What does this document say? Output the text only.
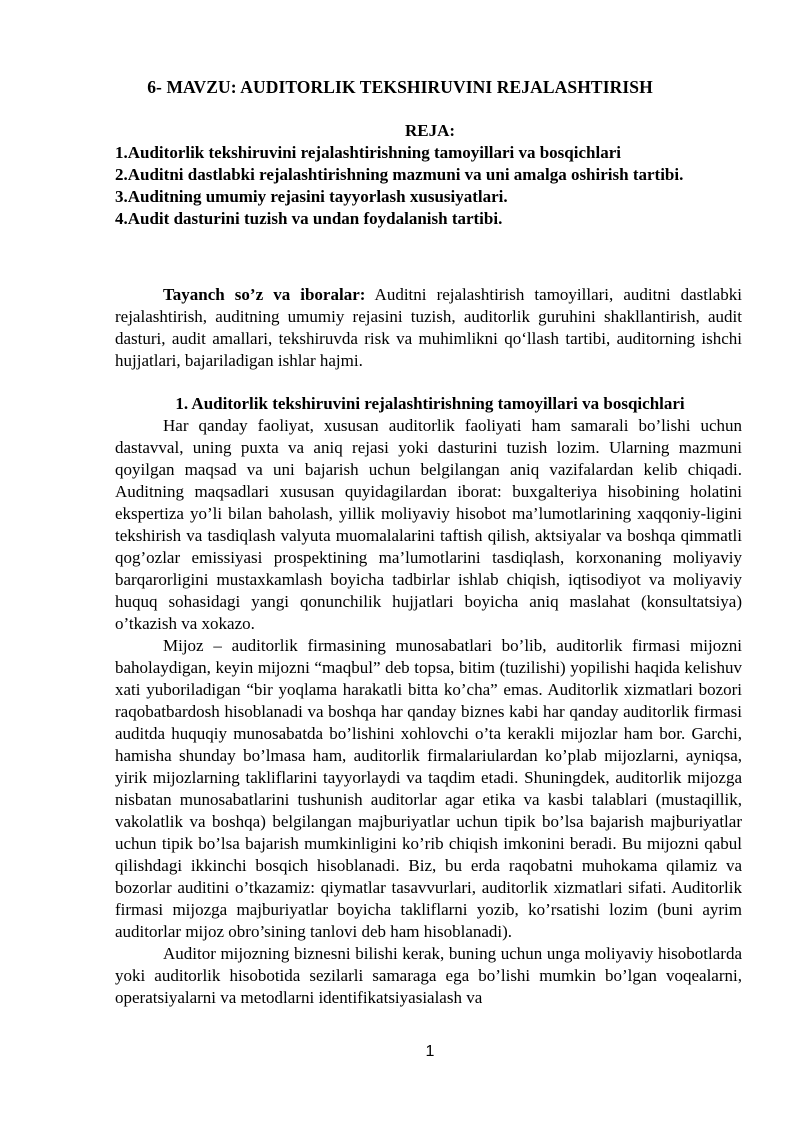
6- MAVZU: AUDITORLIK TEKSHIRUVINI REJALASHTIRISH
REJA:
1.Auditorlik tekshiruvini rejalashtirishning tamoyillari va bosqichlari
2.Auditni dastlabki rejalashtirishning mazmuni va uni amalga oshirish tartibi.
3.Auditning umumiy rejasini tayyorlash xususiyatlari.
4.Audit dasturini tuzish va undan foydalanish tartibi.

Tayanch so’z va iboralar: Auditni rejalashtirish tamoyillari, auditni dastlabki rejalashtirish, auditning umumiy rejasini tuzish, auditorlik guruhini shakllantirish, audit dasturi, audit amallari, tekshiruvda risk va muhimlikni qo‘llash tartibi, auditorning ishchi hujjatlari, bajariladigan ishlar hajmi.

1. Auditorlik tekshiruvini rejalashtirishning tamoyillari va bosqichlari

Har qanday faoliyat, xususan auditorlik faoliyati ham samarali bo’lishi uchun dastavval, uning puxta va aniq rejasi yoki dasturini tuzish lozim. Ularning mazmuni qoyilgan maqsad va uni bajarish uchun belgilangan aniq vazifalardan kelib chiqadi. Auditning maqsadlari xususan quyidagilardan iborat: buxgalteriya hisobining holatini ekspertiza yo’li bilan baholash, yillik moliyaviy hisobot ma’lumotlarining xaqqoniy-ligini tekshirish va tasdiqlash valyuta muomalalarini taftish qilish, aktsiyalar va boshqa qimmatli qog’ozlar emissiyasi prospektining ma’lumotlarini tasdiqlash, korxonaning moliyaviy barqarorligini mustaxkamlash boyicha tadbirlar ishlab chiqish, iqtisodiyot va moliyaviy huquq sohasidagi yangi qonunchilik hujjatlari boyicha aniq maslahat (konsultatsiya) o’tkazish va xokazo.

Mijoz – auditorlik firmasining munosabatlari bo’lib, auditorlik firmasi mijozni baholaydigan, keyin mijozni “maqbul” deb topsa, bitim (tuzilishi) yopilishi haqida kelishuv xati yuboriladigan “bir yoqlama harakatli bitta ko’cha” emas. Auditorlik xizmatlari bozori raqobatbardosh hisoblanadi va boshqa har qanday biznes kabi har qanday auditorlik firmasi auditda huquqiy munosabatda bo’lishini xohlovchi o’ta kerakli mijozlar ham bor. Garchi, hamisha shunday bo’lmasa ham, auditorlik firmalariulardan ko’plab mijozlarni, ayniqsa, yirik mijozlarning takliflarini tayyorlaydi va taqdim etadi. Shuningdek, auditorlik mijozga nisbatan munosabatlarini tushunish auditorlar agar etika va kasbi talablari (mustaqillik, vakolatlik va boshqa) belgilangan majburiyatlar uchun tipik bo’lsa bajarish majburiyatlar uchun tipik bo’lsa bajarish mumkinligini ko’rib chiqish imkonini beradi. Bu mijozni qabul qilishdagi ikkinchi bosqich hisoblanadi. Biz, bu erda raqobatni muhokama qilamiz va bozorlar auditini o’tkazamiz: qiymatlar tasavvurlari, auditorlik xizmatlari sifati. Auditorlik firmasi mijozga majburiyatlar boyicha takliflarni yozib, ko’rsatishi lozim (buni ayrim auditorlar mijoz obro’sining tanlovi deb ham hisoblanadi).

Auditor mijozning biznesni bilishi kerak, buning uchun unga moliyaviy hisobotlarda yoki auditorlik hisobotida sezilarli samaraga ega bo’lishi mumkin bo’lgan voqealarni, operatsiyalarni va metodlarni identifikatsiyasialash va

1
